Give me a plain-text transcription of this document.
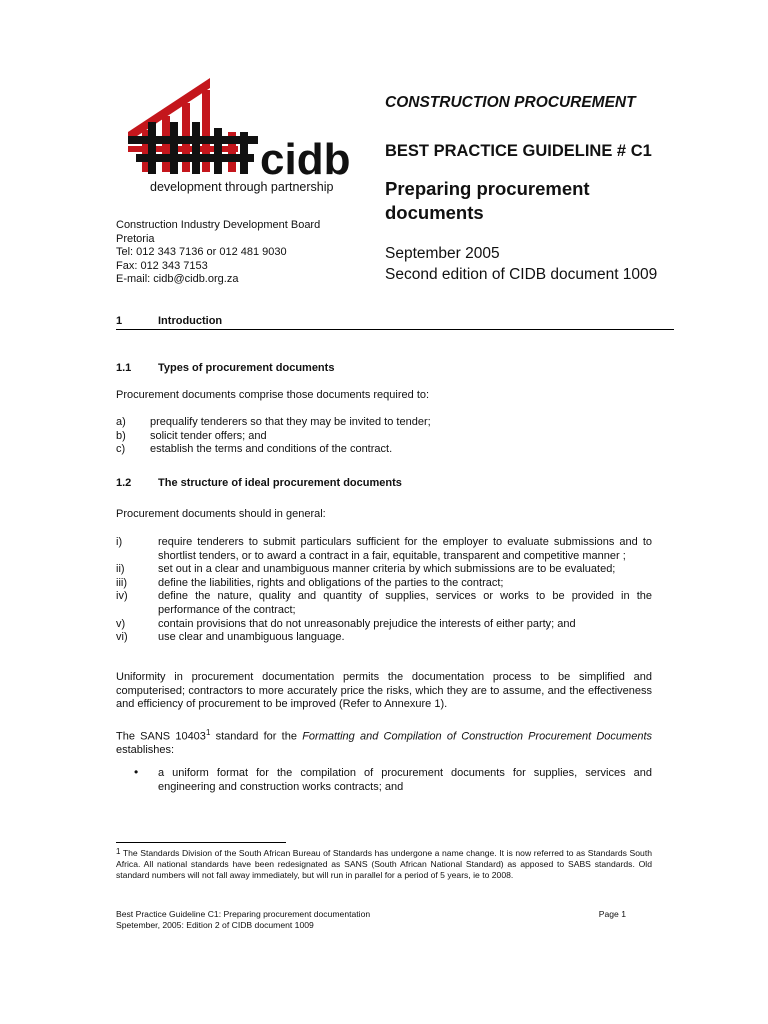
cidb
development through partnership
CONSTRUCTION PROCUREMENT
BEST PRACTICE GUIDELINE # C1
Preparing procurement documents
September 2005
Second edition of CIDB document 1009
Construction Industry Development Board
Pretoria
Tel: 012 343 7136 or 012 481 9030
Fax: 012 343 7153
E-mail: cidb@cidb.org.za
1	Introduction
1.1 Types of procurement documents
Procurement documents comprise those documents required to:
a) prequalify tenderers so that they may be invited to tender;
b) solicit tender offers; and
c) establish the terms and conditions of the contract.
1.2 The structure of ideal procurement documents
Procurement documents should in general:
i)	require tenderers to submit particulars sufficient for the employer to evaluate submissions and to shortlist tenders, or to award a contract in a fair, equitable, transparent and competitive manner ;
ii)	set out in a clear and unambiguous manner criteria by which submissions are to be evaluated;
iii)	define the liabilities, rights and obligations of the parties to the contract;
iv)	define the nature, quality and quantity of supplies, services or works to be provided in the performance of the contract;
v)	contain provisions that do not unreasonably prejudice the interests of either party; and
vi)	use clear and unambiguous language.
Uniformity in procurement documentation permits the documentation process to be simplified and computerised; contractors to more accurately price the risks, which they are to assume, and the effectiveness and efficiency of procurement to be improved (Refer to Annexure 1).
The SANS 10403$^1$ standard for the Formatting and Compilation of Construction Procurement Documents establishes:
• a uniform format for the compilation of procurement documents for supplies, services and engineering and construction works contracts; and
$^1$ The Standards Division of the South African Bureau of Standards has undergone a name change. It is now referred to as Standards South Africa. All national standards have been redesignated as SANS (South African National Standard) as apposed to SABS standards. Old standard numbers will not fall away immediately, but will run in parallel for a period of 5 years, ie to 2008.
Best Practice Guideline C1: Preparing procurement documentation
Spetember, 2005: Edition 2 of CIDB document 1009
Page 1
